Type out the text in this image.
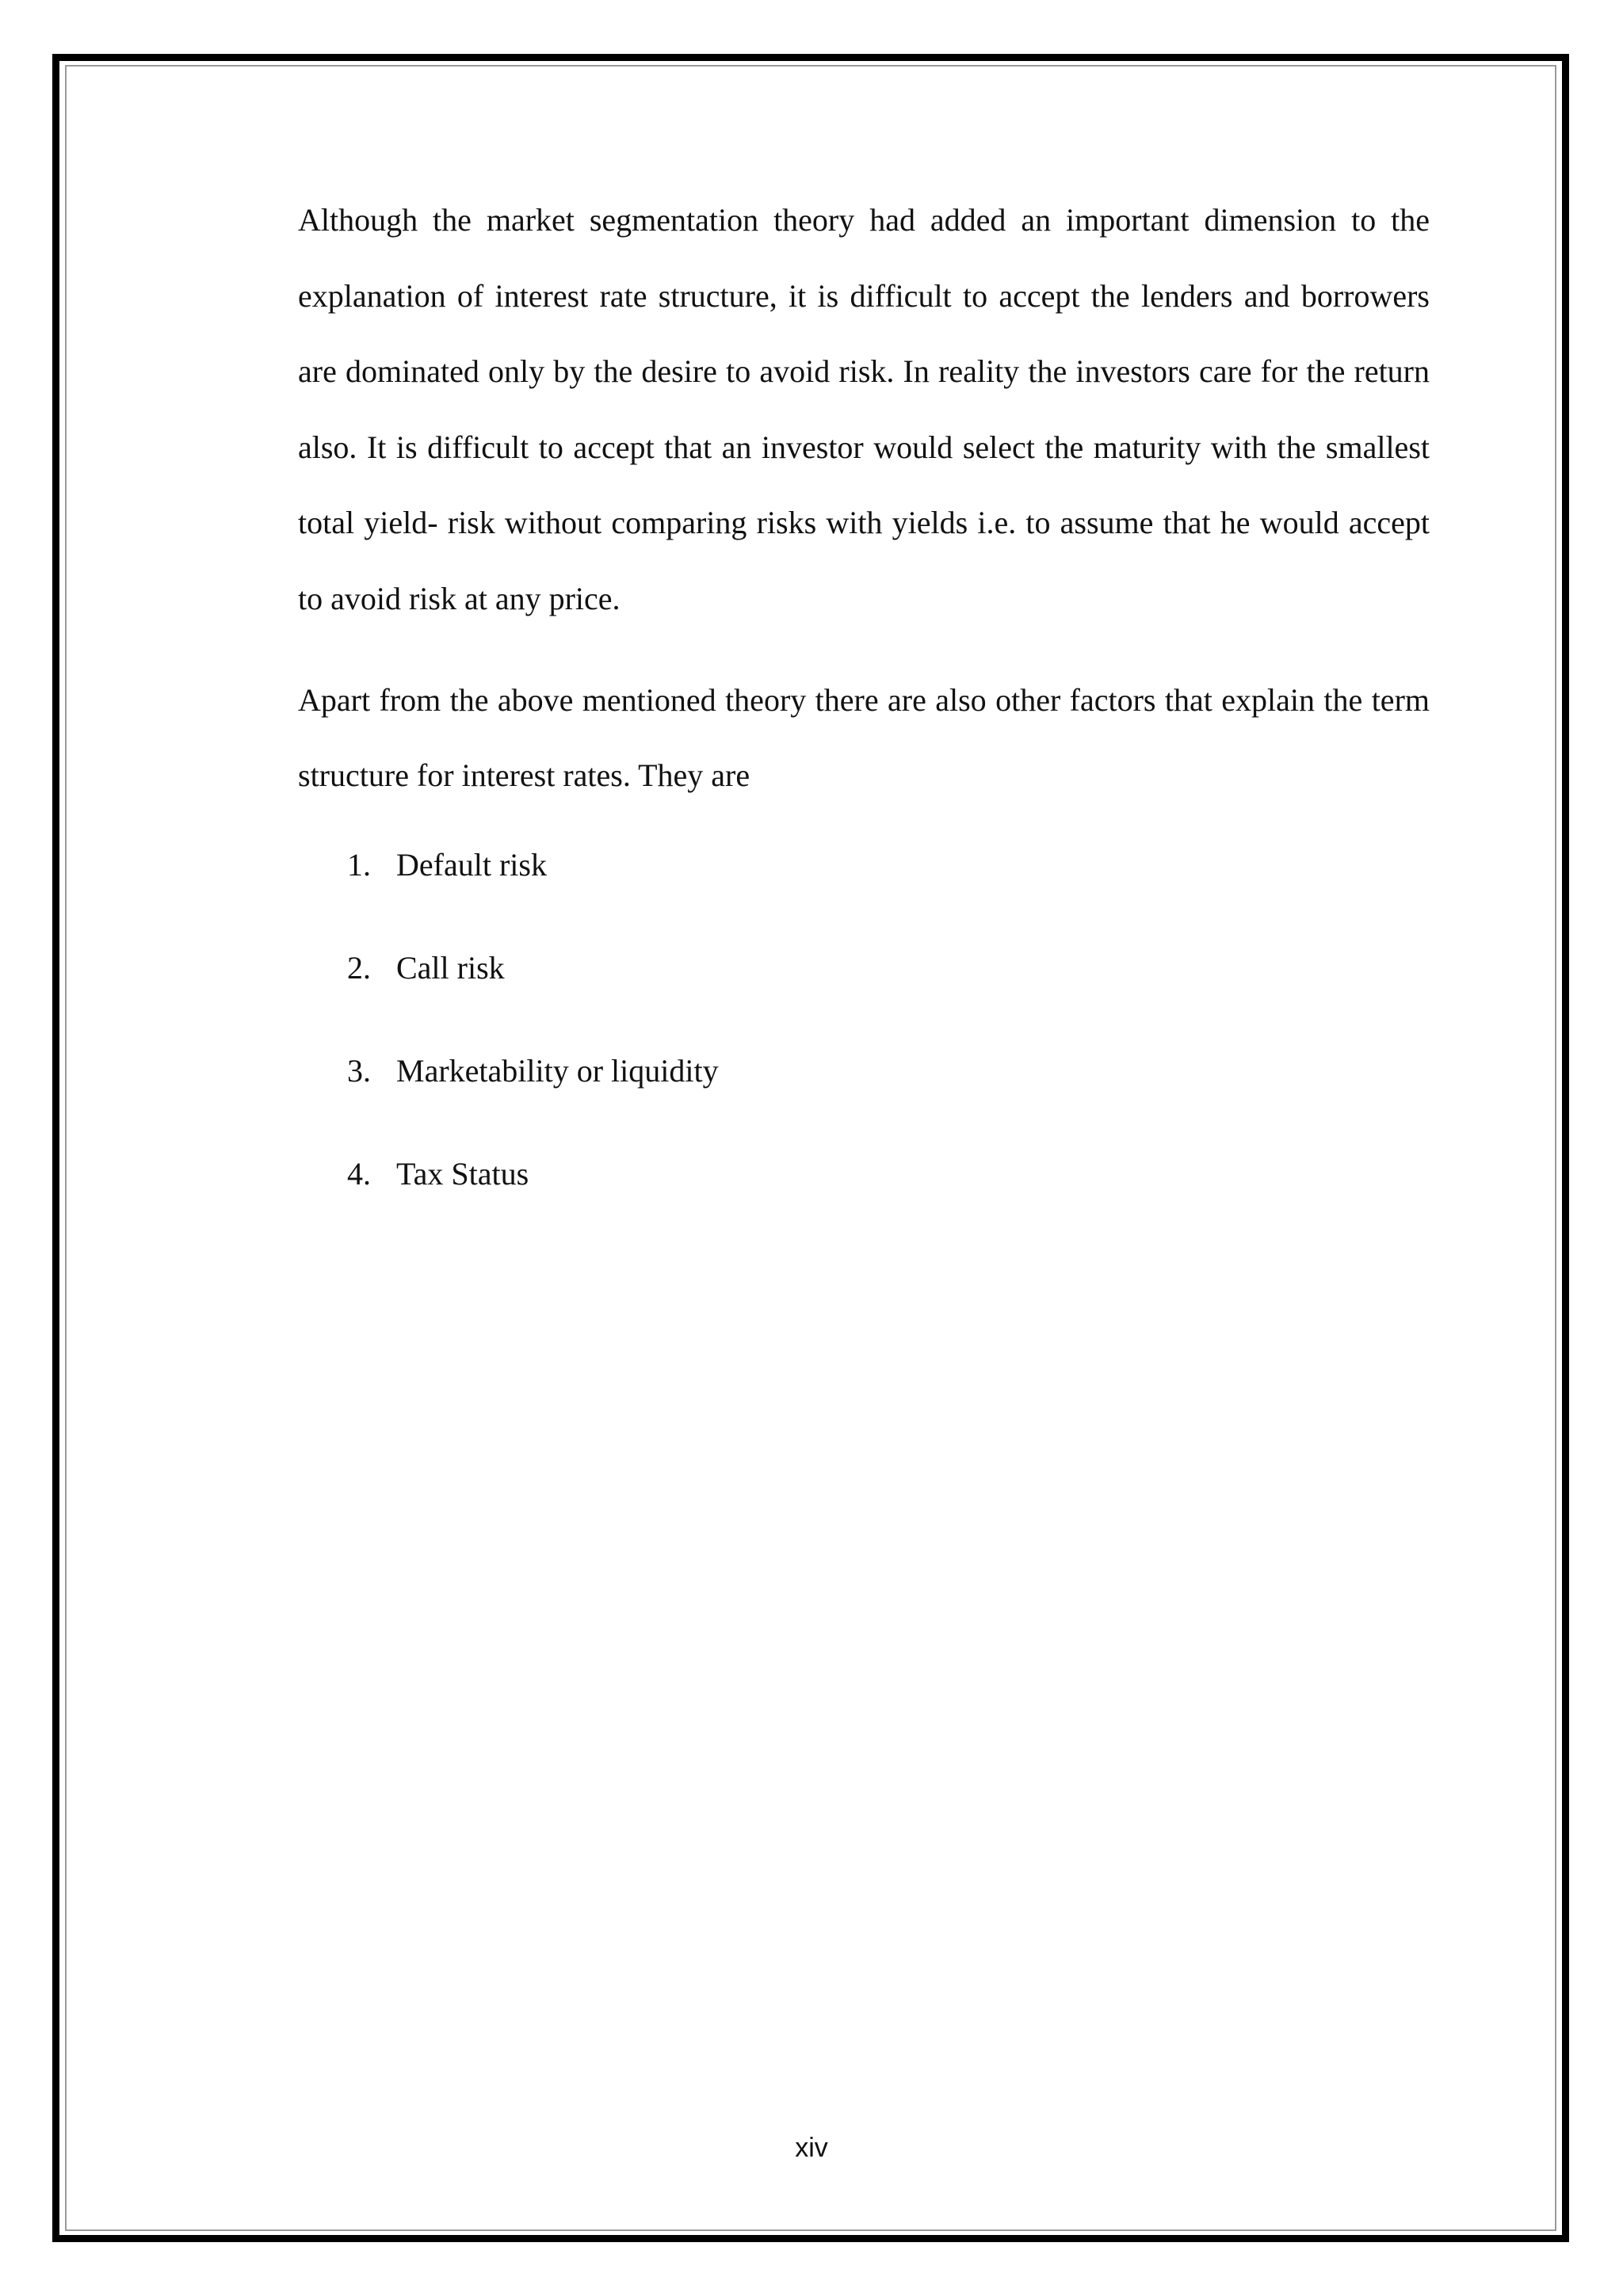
Although the market segmentation theory had added an important dimension to the explanation of interest rate structure, it is difficult to accept the lenders and borrowers are dominated only by the desire to avoid risk. In reality the investors care for the return also. It is difficult to accept that an investor would select the maturity with the smallest total yield- risk without comparing risks with yields i.e. to assume that he would accept to avoid risk at any price.

Apart from the above mentioned theory there are also other factors that explain the term structure for interest rates. They are

1. Default risk
2. Call risk
3. Marketability or liquidity
4. Tax Status
xiv
